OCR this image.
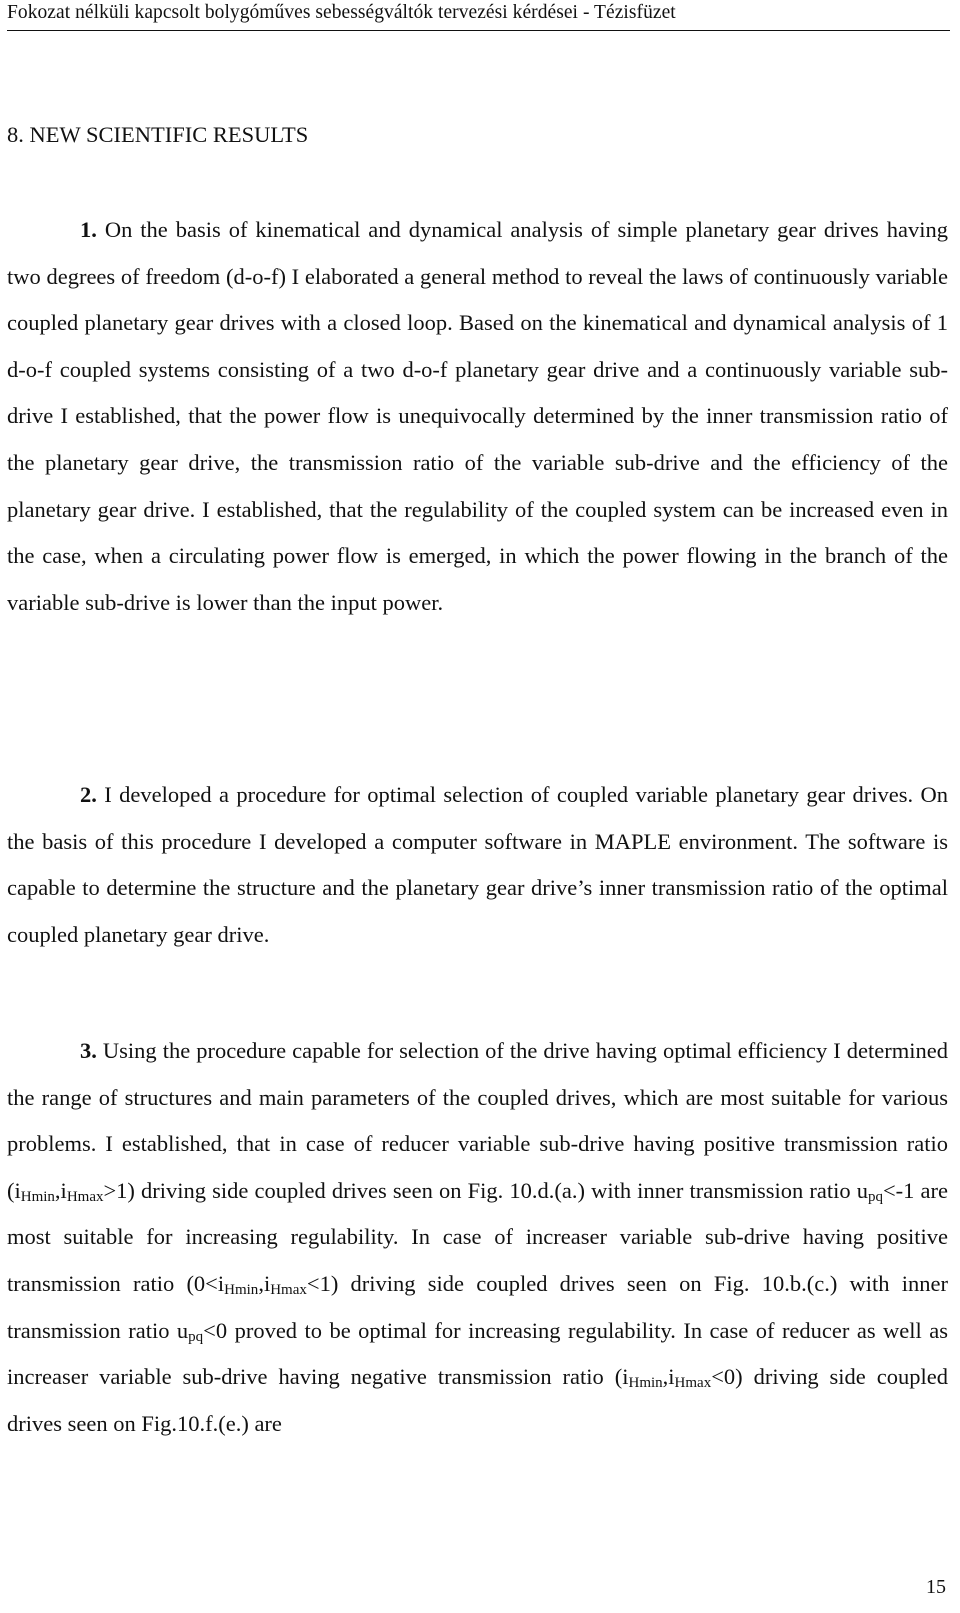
Fokozat nélküli kapcsolt bolygóműves sebességváltók tervezési kérdései - Tézisfüzet
8. NEW SCIENTIFIC RESULTS

1. On the basis of kinematical and dynamical analysis of simple planetary gear drives having two degrees of freedom (d-o-f) I elaborated a general method to reveal the laws of continuously variable coupled planetary gear drives with a closed loop. Based on the kinematical and dynamical analysis of 1 d-o-f coupled systems consisting of a two d-o-f planetary gear drive and a continuously variable sub-drive I established, that the power flow is unequivocally determined by the inner transmission ratio of the planetary gear drive, the transmission ratio of the variable sub-drive and the efficiency of the planetary gear drive. I established, that the regulability of the coupled system can be increased even in the case, when a circulating power flow is emerged, in which the power flowing in the branch of the variable sub-drive is lower than the input power.

2. I developed a procedure for optimal selection of coupled variable planetary gear drives. On the basis of this procedure I developed a computer software in MAPLE environment. The software is capable to determine the structure and the planetary gear drive’s inner transmission ratio of the optimal coupled planetary gear drive.

3. Using the procedure capable for selection of the drive having optimal efficiency I determined the range of structures and main parameters of the coupled drives, which are most suitable for various problems. I established, that in case of reducer variable sub-drive having positive transmission ratio $(i_{Hmin},i_{Hmax}>1)$ driving side coupled drives seen on Fig. 10.d.(a.) with inner transmission ratio $u_{pq}<-1$ are most suitable for increasing regulability. In case of increaser variable sub-drive having positive transmission ratio $(0<i_{Hmin},i_{Hmax}<1)$ driving side coupled drives seen on Fig. 10.b.(c.) with inner transmission ratio $u_{pq}<0$ proved to be optimal for increasing regulability. In case of reducer as well as increaser variable sub-drive having negative transmission ratio $(i_{Hmin},i_{Hmax}<0)$ driving side coupled drives seen on Fig.10.f.(e.) are

15
